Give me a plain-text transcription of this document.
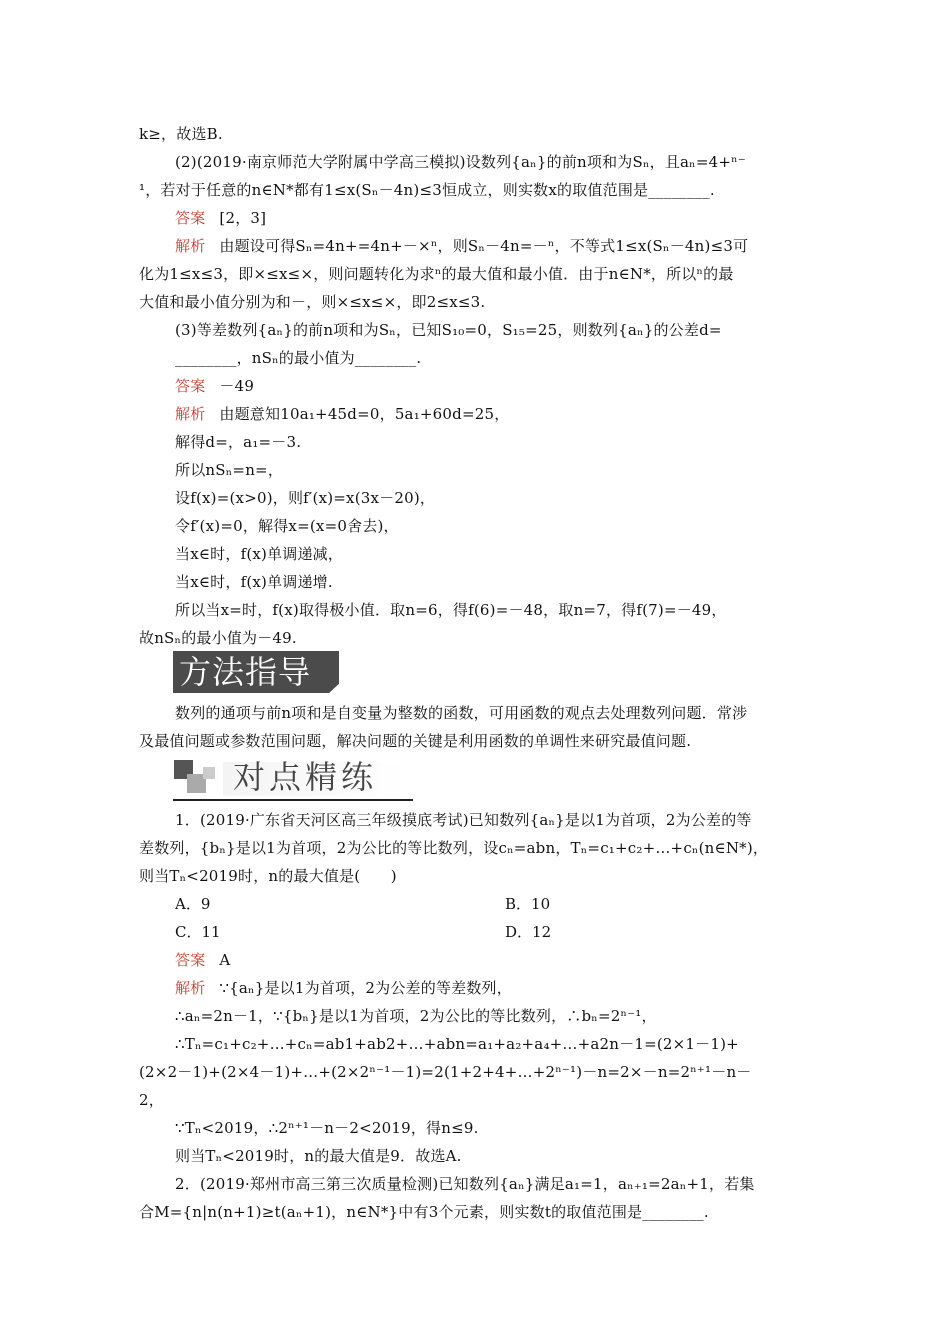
k≥，故选B.
(2)(2019·南京师范大学附属中学高三模拟)设数列{aₙ}的前n项和为Sₙ，且aₙ=4+ⁿ⁻
¹，若对于任意的n∈N*都有1≤x(Sₙ－4n)≤3恒成立，则实数x的取值范围是________.
答案 [2，3]
解析 由题设可得Sₙ=4n+=4n+－×ⁿ，则Sₙ－4n=－ⁿ，不等式1≤x(Sₙ－4n)≤3可
化为1≤x≤3，即×≤x≤×，则问题转化为求ⁿ的最大值和最小值．由于n∈N*，所以ⁿ的最
大值和最小值分别为和－，则×≤x≤×，即2≤x≤3.
(3)等差数列{aₙ}的前n项和为Sₙ，已知S₁₀=0，S₁₅=25，则数列{aₙ}的公差d=
________，nSₙ的最小值为________.
答案 －49
解析 由题意知10a₁+45d=0，5a₁+60d=25，
解得d=，a₁=－3.
所以nSₙ=n=，
设f(x)=(x>0)，则f′(x)=x(3x－20)，
令f′(x)=0，解得x=(x=0舍去)，
当x∈时，f(x)单调递减，
当x∈时，f(x)单调递增.
所以当x=时，f(x)取得极小值．取n=6，得f(6)=－48，取n=7，得f(7)=－49，
故nSₙ的最小值为－49.
方法指导
数列的通项与前n项和是自变量为整数的函数，可用函数的观点去处理数列问题．常涉
及最值问题或参数范围问题，解决问题的关键是利用函数的单调性来研究最值问题.
对点精练
1．(2019·广东省天河区高三年级摸底考试)已知数列{aₙ}是以1为首项，2为公差的等
差数列，{bₙ}是以1为首项，2为公比的等比数列，设cₙ=abn，Tₙ=c₁+c₂+…+cₙ(n∈N*)，
则当Tₙ<2019时，n的最大值是(　　)
A．9	B．10
C．11	D．12
答案 A
解析 ∵{aₙ}是以1为首项，2为公差的等差数列，
∴aₙ=2n－1，∵{bₙ}是以1为首项，2为公比的等比数列，∴bₙ=2ⁿ⁻¹，
∴Tₙ=c₁+c₂+…+cₙ=ab1+ab2+…+abn=a₁+a₂+a₄+…+a2n－1=(2×1－1)+
(2×2－1)+(2×4－1)+…+(2×2ⁿ⁻¹－1)=2(1+2+4+…+2ⁿ⁻¹)－n=2×－n=2ⁿ⁺¹－n－
2，
∵Tₙ<2019，∴2ⁿ⁺¹－n－2<2019，得n≤9.
则当Tₙ<2019时，n的最大值是9．故选A.
2．(2019·郑州市高三第三次质量检测)已知数列{aₙ}满足a₁=1，aₙ₊₁=2aₙ+1，若集
合M={n|n(n+1)≥t(aₙ+1)，n∈N*}中有3个元素，则实数t的取值范围是________.
